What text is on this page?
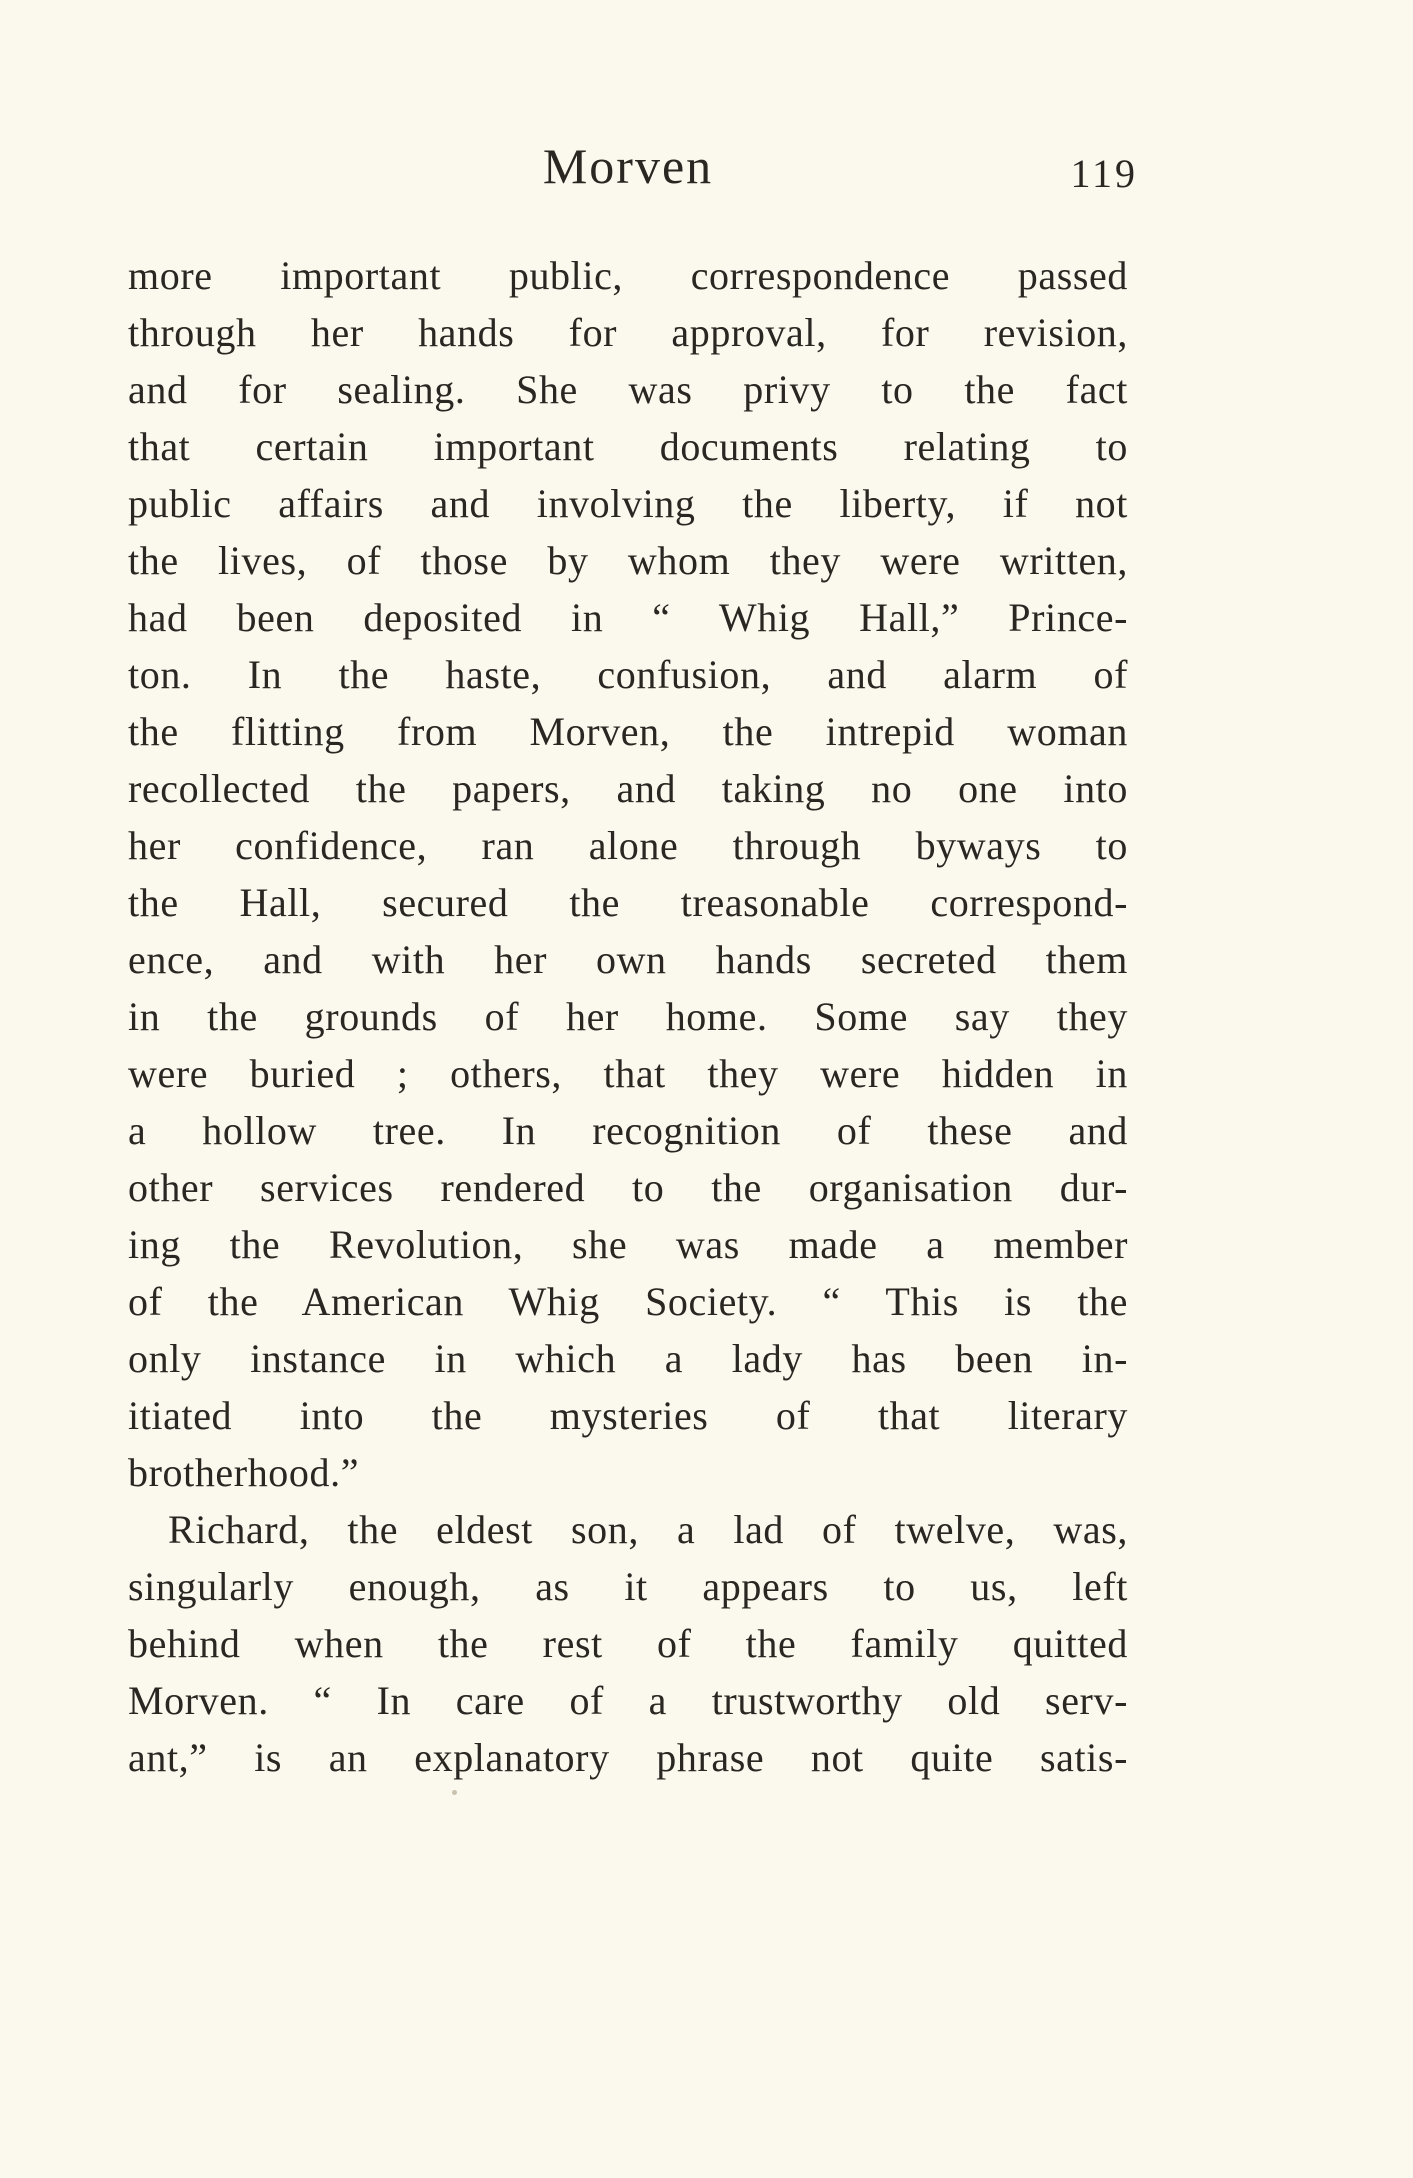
Morven	119
more important public, correspondence passed
through her hands for approval, for revision,
and for sealing. She was privy to the fact
that certain important documents relating to
public affairs and involving the liberty, if not
the lives, of those by whom they were written,
had been deposited in “ Whig Hall,” Prince-
ton. In the haste, confusion, and alarm of
the flitting from Morven, the intrepid woman
recollected the papers, and taking no one into
her confidence, ran alone through byways to
the Hall, secured the treasonable correspond-
ence, and with her own hands secreted them
in the grounds of her home. Some say they
were buried ; others, that they were hidden in
a hollow tree. In recognition of these and
other services rendered to the organisation dur-
ing the Revolution, she was made a member
of the American Whig Society. “ This is the
only instance in which a lady has been in-
itiated into the mysteries of that literary
brotherhood.”
Richard, the eldest son, a lad of twelve, was,
singularly enough, as it appears to us, left
behind when the rest of the family quitted
Morven. “ In care of a trustworthy old serv-
ant,” is an explanatory phrase not quite satis-
